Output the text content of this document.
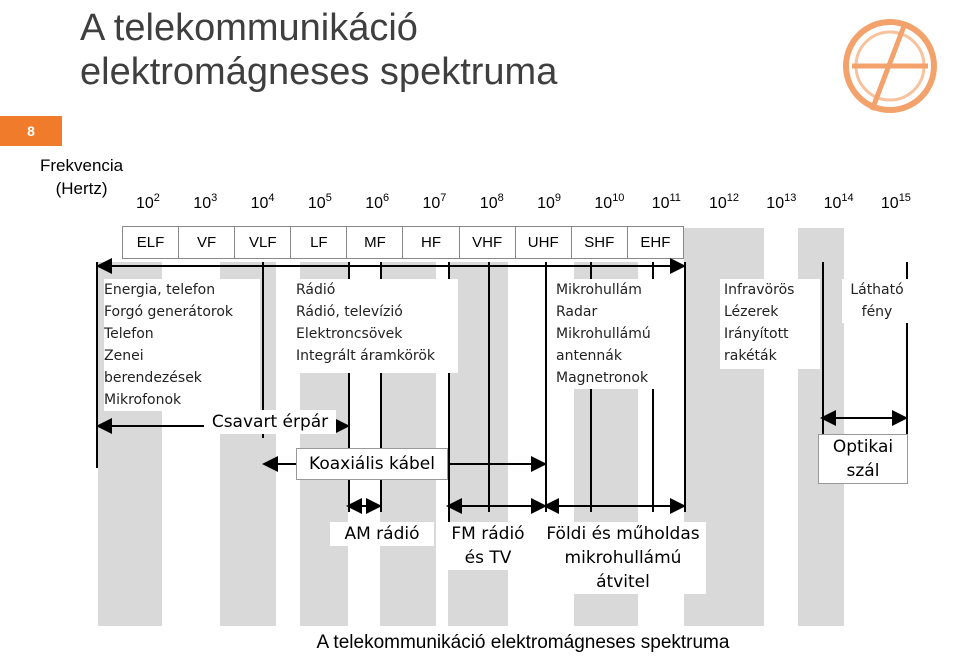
A telekommunikáció
elektromágneses spektruma
8
Frekvencia
(Hertz)
$10^2$ $10^3$ $10^4$ $10^5$ $10^6$ $10^7$ $10^8$ $10^9$ $10^{10}$ $10^{11}$ $10^{12}$ $10^{13}$ $10^{14}$ $10^{15}$
ELF	VF	VLF	LF	MF	HF	VHF	UHF	SHF	EHF
Energia, telefon
Forgó generátorok
Telefon
Zenei
berendezések
Mikrofonok
Rádió
Rádió, televízió
Elektroncsövek
Integrált áramkörök
Mikrohullám
Radar
Mikrohullámú
antennák
Magnetronok
Infravörös
Lézerek
Irányított
rakéták
Látható
fény
Csavart érpár
Koaxiális kábel
Optikai
szál
AM rádió	FM rádió
és TV
Földi és műholdas
mikrohullámú
átvitel
A telekommunikáció elektromágneses spektruma
